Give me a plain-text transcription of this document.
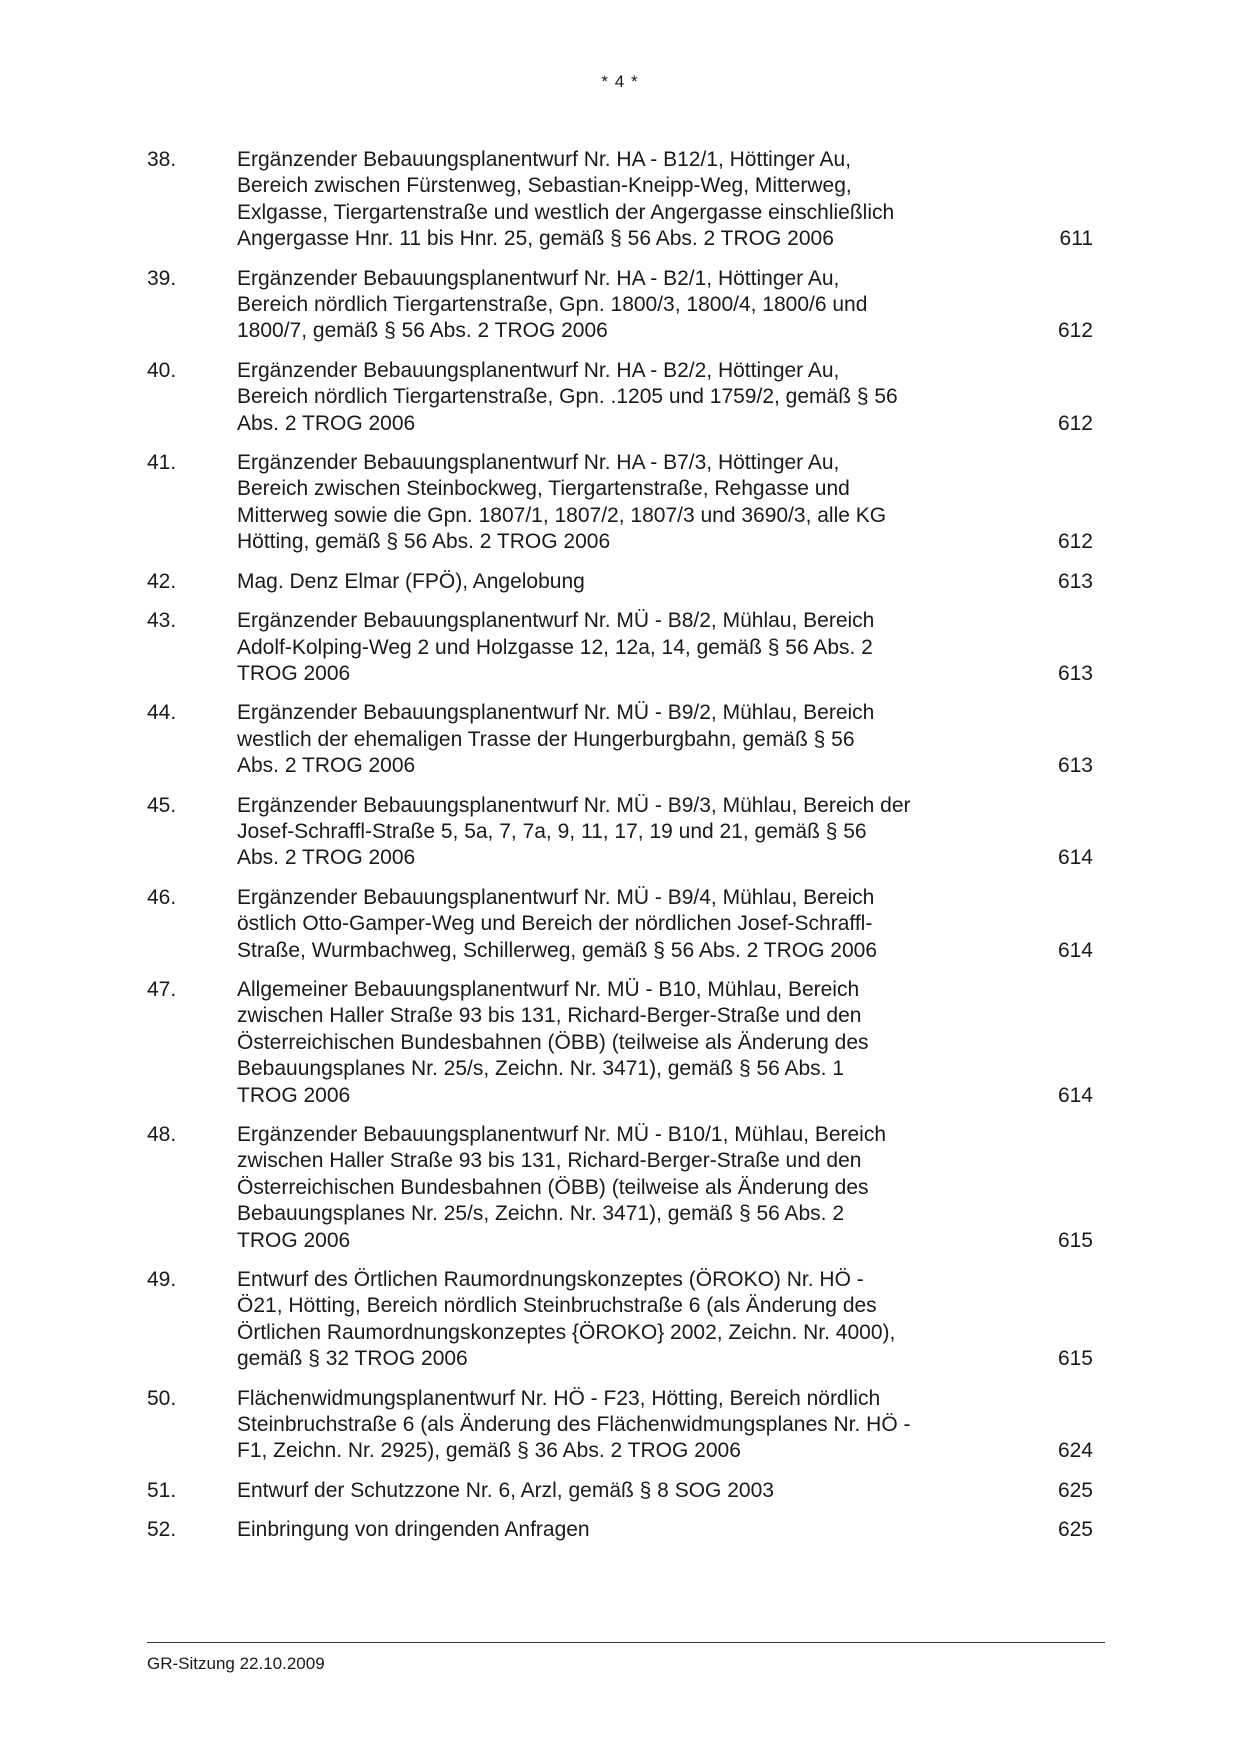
* 4 *
38.	Ergänzender Bebauungsplanentwurf Nr. HA - B12/1, Höttinger Au,
Bereich zwischen Fürstenweg, Sebastian-Kneipp-Weg, Mitterweg,
Exlgasse, Tiergartenstraße und westlich der Angergasse einschließlich
Angergasse Hnr. 11 bis Hnr. 25, gemäß § 56 Abs. 2 TROG 2006	611
39.	Ergänzender Bebauungsplanentwurf Nr. HA - B2/1, Höttinger Au,
Bereich nördlich Tiergartenstraße, Gpn. 1800/3, 1800/4, 1800/6 und
1800/7, gemäß § 56 Abs. 2 TROG 2006	612
40.	Ergänzender Bebauungsplanentwurf Nr. HA - B2/2, Höttinger Au,
Bereich nördlich Tiergartenstraße, Gpn. .1205 und 1759/2, gemäß § 56
Abs. 2 TROG 2006	612
41.	Ergänzender Bebauungsplanentwurf Nr. HA - B7/3, Höttinger Au,
Bereich zwischen Steinbockweg, Tiergartenstraße, Rehgasse und
Mitterweg sowie die Gpn. 1807/1, 1807/2, 1807/3 und 3690/3, alle KG
Hötting, gemäß § 56 Abs. 2 TROG 2006	612
42.	Mag. Denz Elmar (FPÖ), Angelobung	613
43.	Ergänzender Bebauungsplanentwurf Nr. MÜ - B8/2, Mühlau, Bereich
Adolf-Kolping-Weg 2 und Holzgasse 12, 12a, 14, gemäß § 56 Abs. 2
TROG 2006	613
44.	Ergänzender Bebauungsplanentwurf Nr. MÜ - B9/2, Mühlau, Bereich
westlich der ehemaligen Trasse der Hungerburgbahn, gemäß § 56
Abs. 2 TROG 2006	613
45.	Ergänzender Bebauungsplanentwurf Nr. MÜ - B9/3, Mühlau, Bereich der
Josef-Schraffl-Straße 5, 5a, 7, 7a, 9, 11, 17, 19 und 21, gemäß § 56
Abs. 2 TROG 2006	614
46.	Ergänzender Bebauungsplanentwurf Nr. MÜ - B9/4, Mühlau, Bereich
östlich Otto-Gamper-Weg und Bereich der nördlichen Josef-Schraffl-
Straße, Wurmbachweg, Schillerweg, gemäß § 56 Abs. 2 TROG 2006	614
47.	Allgemeiner Bebauungsplanentwurf Nr. MÜ - B10, Mühlau, Bereich
zwischen Haller Straße 93 bis 131, Richard-Berger-Straße und den
Österreichischen Bundesbahnen (ÖBB) (teilweise als Änderung des
Bebauungsplanes Nr. 25/s, Zeichn. Nr. 3471), gemäß § 56 Abs. 1
TROG 2006	614
48.	Ergänzender Bebauungsplanentwurf Nr. MÜ - B10/1, Mühlau, Bereich
zwischen Haller Straße 93 bis 131, Richard-Berger-Straße und den
Österreichischen Bundesbahnen (ÖBB) (teilweise als Änderung des
Bebauungsplanes Nr. 25/s, Zeichn. Nr. 3471), gemäß § 56 Abs. 2
TROG 2006	615
49.	Entwurf des Örtlichen Raumordnungskonzeptes (ÖROKO) Nr. HÖ -
Ö21, Hötting, Bereich nördlich Steinbruchstraße 6 (als Änderung des
Örtlichen Raumordnungskonzeptes {ÖROKO} 2002, Zeichn. Nr. 4000),
gemäß § 32 TROG 2006	615
50.	Flächenwidmungsplanentwurf Nr. HÖ - F23, Hötting, Bereich nördlich
Steinbruchstraße 6 (als Änderung des Flächenwidmungsplanes Nr. HÖ -
F1, Zeichn. Nr. 2925), gemäß § 36 Abs. 2 TROG 2006	624
51.	Entwurf der Schutzzone Nr. 6, Arzl, gemäß § 8 SOG 2003	625
52.	Einbringung von dringenden Anfragen	625
GR-Sitzung 22.10.2009
